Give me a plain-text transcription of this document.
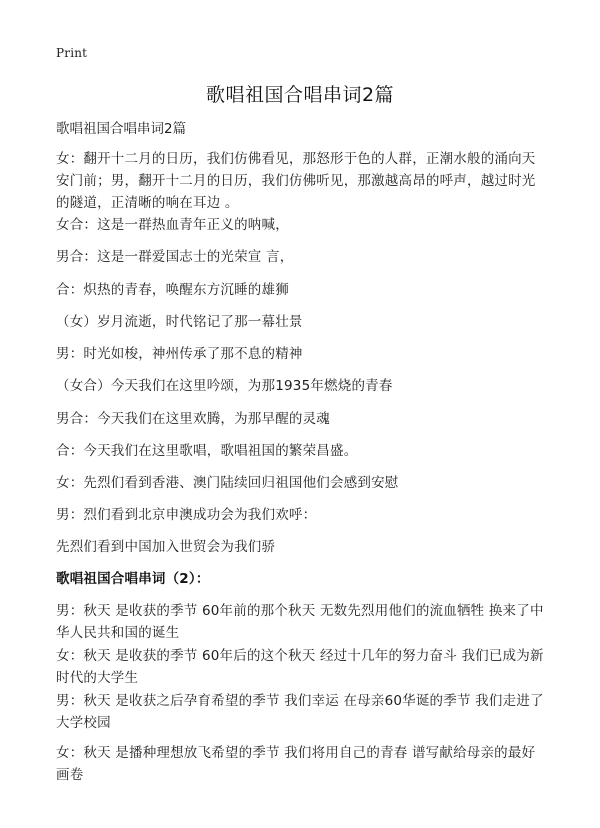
Print
歌唱祖国合唱串词2篇
歌唱祖国合唱串词2篇
女：翻开十二月的日历，我们仿佛看见，那怒形于色的人群，正潮水般的涌向天安门前；男，翻开十二月的日历，我们仿佛听见，那激越高昂的呼声，越过时光的隧道，正清晰的响在耳边 。
女合：这是一群热血青年正义的呐喊，
男合：这是一群爱国志士的光荣宣 言，
合：炽热的青春，唤醒东方沉睡的雄狮
（女）岁月流逝，时代铭记了那一幕壮景
男：时光如梭，神州传承了那不息的精神
（女合）今天我们在这里吟颂，为那1935年燃烧的青春
男合：今天我们在这里欢腾，为那早醒的灵魂
合：今天我们在这里歌唱，歌唱祖国的繁荣昌盛。
女：先烈们看到香港、澳门陆续回归祖国他们会感到安慰
男：烈们看到北京申澳成功会为我们欢呼：
先烈们看到中国加入世贸会为我们骄
歌唱祖国合唱串词（2）：
男：秋天 是收获的季节 60年前的那个秋天 无数先烈用他们的流血牺牲 换来了中华人民共和国的诞生
女：秋天 是收获的季节 60年后的这个秋天 经过十几年的努力奋斗 我们已成为新时代的大学生
男：秋天 是收获之后孕育希望的季节 我们幸运 在母亲60华诞的季节 我们走进了大学校园
女：秋天 是播种理想放飞希望的季节 我们将用自己的青春 谱写献给母亲的最好画卷
